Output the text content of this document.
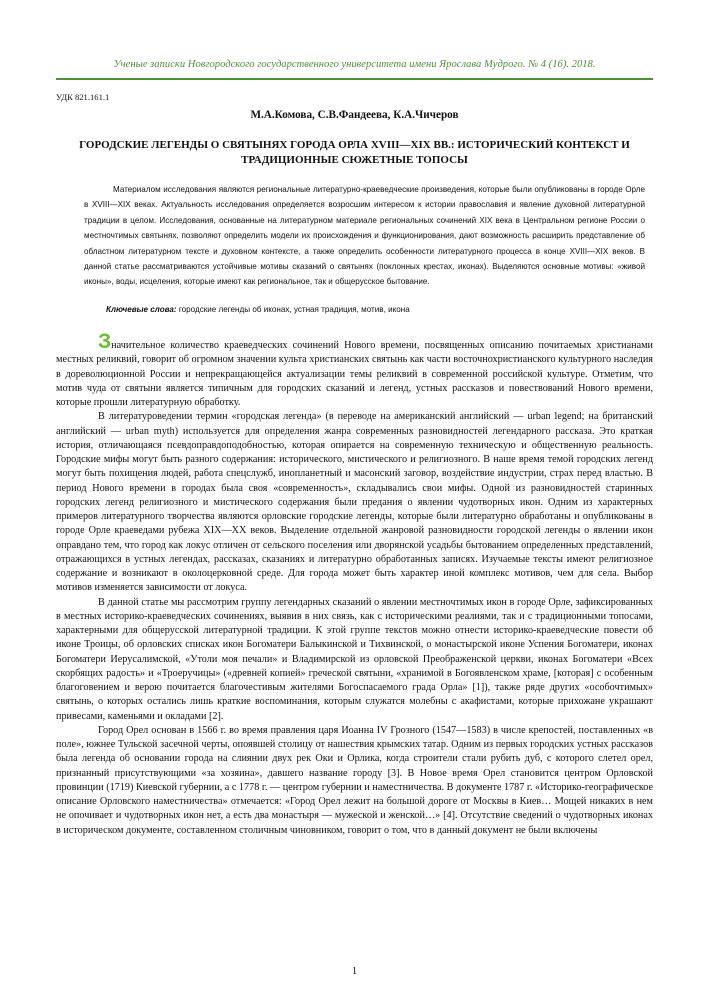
Ученые записки Новгородского государственного университета имени Ярослава Мудрого. № 4 (16). 2018.
УДК 821.161.1
М.А.Комова, С.В.Фандеева, К.А.Чичеров
ГОРОДСКИЕ ЛЕГЕНДЫ О СВЯТЫНЯХ ГОРОДА ОРЛА XVIII—XIX ВВ.: ИСТОРИЧЕСКИЙ КОНТЕКСТ И ТРАДИЦИОННЫЕ СЮЖЕТНЫЕ ТОПОСЫ
Материалом исследования являются региональные литературно-краеведческие произведения, которые были опубликованы в городе Орле в XVIII—XIX веках. Актуальность исследования определяется возросшим интересом к истории православия и явление духовной литературной традиции в целом. Исследования, основанные на литературном материале региональных сочинений XIX века в Центральном регионе России о местночтимых святынях, позволяют определить модели их происхождения и функционирования, дают возможность расширить представление об областном литературном тексте и духовном контексте, а также определить особенности литературного процесса в конце XVIII—XIX веков. В данной статье рассматриваются устойчивые мотивы сказаний о святынях (поклонных крестах, иконах). Выделяются основные мотивы: «живой иконы», воды, исцеления, которые имеют как региональное, так и общерусское бытование.
Ключевые слова: городские легенды об иконах, устная традиция, мотив, икона

Значительное количество краеведческих сочинений Нового времени, посвященных описанию почитаемых христианами местных реликвий, говорит об огромном значении культа христианских святынь как части восточнохристианского культурного наследия в дореволюционной России и непрекращающейся актуализации темы реликвий в современной российской культуре. Отметим, что мотив чуда от святыни является типичным для городских сказаний и легенд, устных рассказов и повествований Нового времени, которые прошли литературную обработку.

В литературоведении термин «городская легенда» (в переводе на американский английский — urban legend; на британский английский — urban myth) используется для определения жанра современных разновидностей легендарного рассказа. Это краткая история, отличающаяся псевдоправдоподобностью, которая опирается на современную техническую и общественную реальность. Городские мифы могут быть разного содержания: исторического, мистического и религиозного. В наше время темой городских легенд могут быть похищения людей, работа спецслужб, инопланетный и масонский заговор, воздействие индустрии, страх перед властью. В период Нового времени в городах была своя «современность», складывались свои мифы. Одной из разновидностей старинных городских легенд религиозного и мистического содержания были предания о явлении чудотворных икон. Одним из характерных примеров литературного творчества являются орловские городские легенды, которые были литературно обработаны и опубликованы в городе Орле краеведами рубежа XIX—XX веков. Выделение отдельной жанровой разновидности городской легенды о явлении икон оправдано тем, что город как локус отличен от сельского поселения или дворянской усадьбы бытованием определенных представлений, отражающихся в устных легендах, рассказах, сказаниях и литературно обработанных записях. Изучаемые тексты имеют религиозное содержание и возникают в околоцерковной среде. Для города может быть характер иной комплекс мотивов, чем для села. Выбор мотивов изменяется зависимости от локуса.

В данной статье мы рассмотрим группу легендарных сказаний о явлении местночтимых икон в городе Орле, зафиксированных в местных историко-краеведческих сочинениях, выявив в них связь, как с историческими реалиями, так и с традиционными топосами, характерными для общерусской литературной традиции. К этой группе текстов можно отнести историко-краеведческие повести об иконе Троицы, об орловских списках икон Богоматери Балыкинской и Тихвинской, о монастырской иконе Успения Богоматери, иконах Богоматери Иерусалимской, «Утоли моя печали» и Владимирской из орловской Преображенской церкви, иконах Богоматери «Всех скорбящих радость» и «Троеручицы» («древней копией» греческой святыни, «хранимой в Богоявленском храме, [которая] с особенным благоговением и верою почитается благочестивым жителями Богоспасаемого града Орла» [1]), также ряде других «особочтимых» святынь, о которых остались лишь краткие воспоминания, которым служатся молебны с акафистами, которые прихожане украшают привесами, каменьями и окладами [2].

Город Орел основан в 1566 г. во время правления царя Иоанна IV Грозного (1547—1583) в числе крепостей, поставленных «в поле», южнее Тульской засечной черты, опоявшей столицу от нашествия крымских татар. Одним из первых городских устных рассказов была легенда об основании города на слиянии двух рек Оки и Орлика, когда строители стали рубить дуб, с которого слетел орел, признанный присутствующими «за хозяина», давшего название городу [3]. В Новое время Орел становится центром Орловской провинции (1719) Киевской губернии, а с 1778 г. — центром губернии и наместничества. В документе 1787 г. «Историко-географическое описание Орловского наместничества» отмечается: «Город Орел лежит на большой дороге от Москвы в Киев… Мощей никаких в нем не опочивает и чудотворных икон нет, а есть два монастыря — мужеской и женской…» [4]. Отсутствие сведений о чудотворных иконах в историческом документе, составленном столичным чиновником, говорит о том, что в данный документ не были включены

1
